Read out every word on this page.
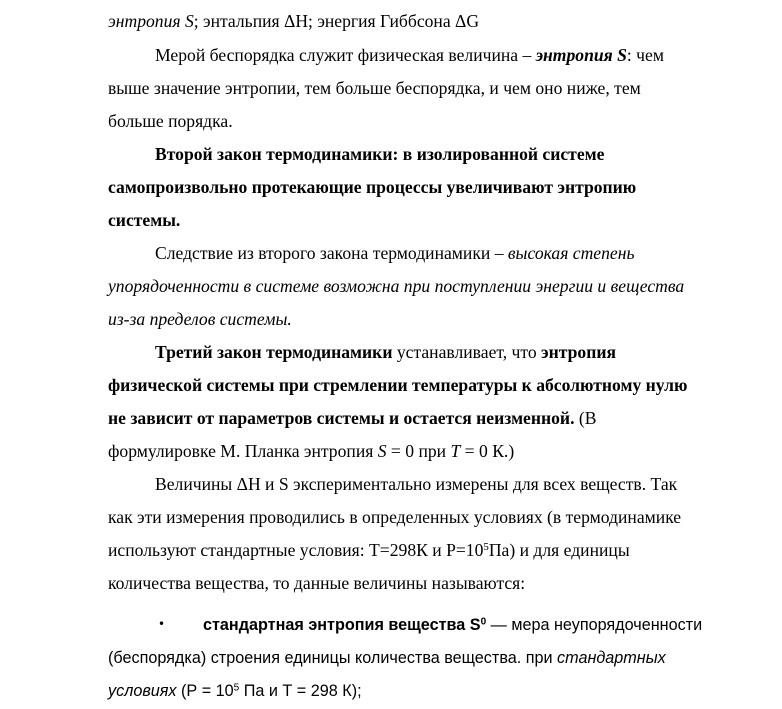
энтропия S; энтальпия ΔH; энергия Гиббсона ΔG
Мерой беспорядка служит физическая величина – энтропия S: чем
выше значение энтропии, тем больше беспорядка, и чем оно ниже, тем
больше порядка.
Второй закон термодинамики: в изолированной системе
самопроизвольно протекающие процессы увеличивают энтропию
системы.
Следствие из второго закона термодинамики – высокая степень
упорядоченности в системе возможна при поступлении энергии и вещества
из-за пределов системы.
Третий закон термодинамики устанавливает, что энтропия
физической системы при стремлении температуры к абсолютному нулю
не зависит от параметров системы и остается неизменной. (В
формулировке М. Планка энтропия S = 0 при T = 0 К.)
Величины ΔH и S экспериментально измерены для всех веществ. Так
как эти измерения проводились в определенных условиях (в термодинамике
используют стандартные условия: Т=298К и $Р=10^5Па$) и для единицы
количества вещества, то данные величины называются:
• стандартная энтропия вещества $S^0$ — мера неупорядоченности
(беспорядка) строения единицы количества вещества. при стандартных
условиях ($Р = 10^5$ Па и Т = 298 К);
